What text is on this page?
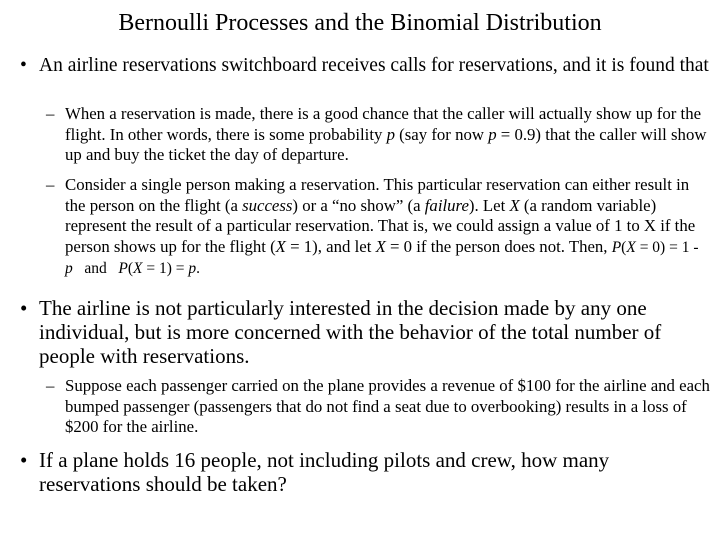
Bernoulli Processes and the Binomial Distribution
• An airline reservations switchboard receives calls for reservations, and it is found that
– When a reservation is made, there is a good chance that the caller will actually show up for the flight. In other words, there is some probability p (say for now p = 0.9) that the caller will show up and buy the ticket the day of departure.
– Consider a single person making a reservation. This particular reservation can either result in the person on the flight (a success) or a “no show” (a failure). Let X (a random variable) represent the result of a particular reservation. That is, we could assign a value of 1 to X if the person shows up for the flight (X = 1), and let X = 0 if the person does not. Then, P(X = 0) = 1 - p   and   P(X = 1) = p.
• The airline is not particularly interested in the decision made by any one individual, but is more concerned with the behavior of the total number of people with reservations.
– Suppose each passenger carried on the plane provides a revenue of $100 for the airline and each bumped passenger (passengers that do not find a seat due to overbooking) results in a loss of $200 for the airline.
• If a plane holds 16 people, not including pilots and crew, how many reservations should be taken?
